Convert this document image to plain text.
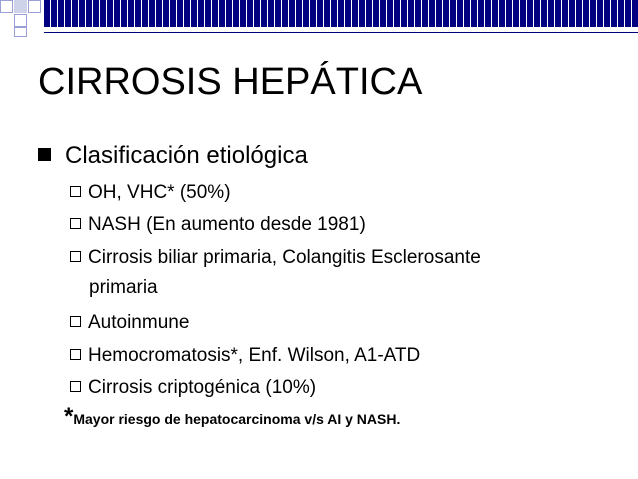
CIRROSIS HEPÁTICA
Clasificación etiológica
OH, VHC* (50%)
NASH (En aumento desde 1981)
Cirrosis biliar primaria, Colangitis Esclerosante
primaria
Autoinmune
Hemocromatosis*, Enf. Wilson, A1-ATD
Cirrosis criptogénica (10%)
*Mayor riesgo de hepatocarcinoma v/s AI y NASH.
